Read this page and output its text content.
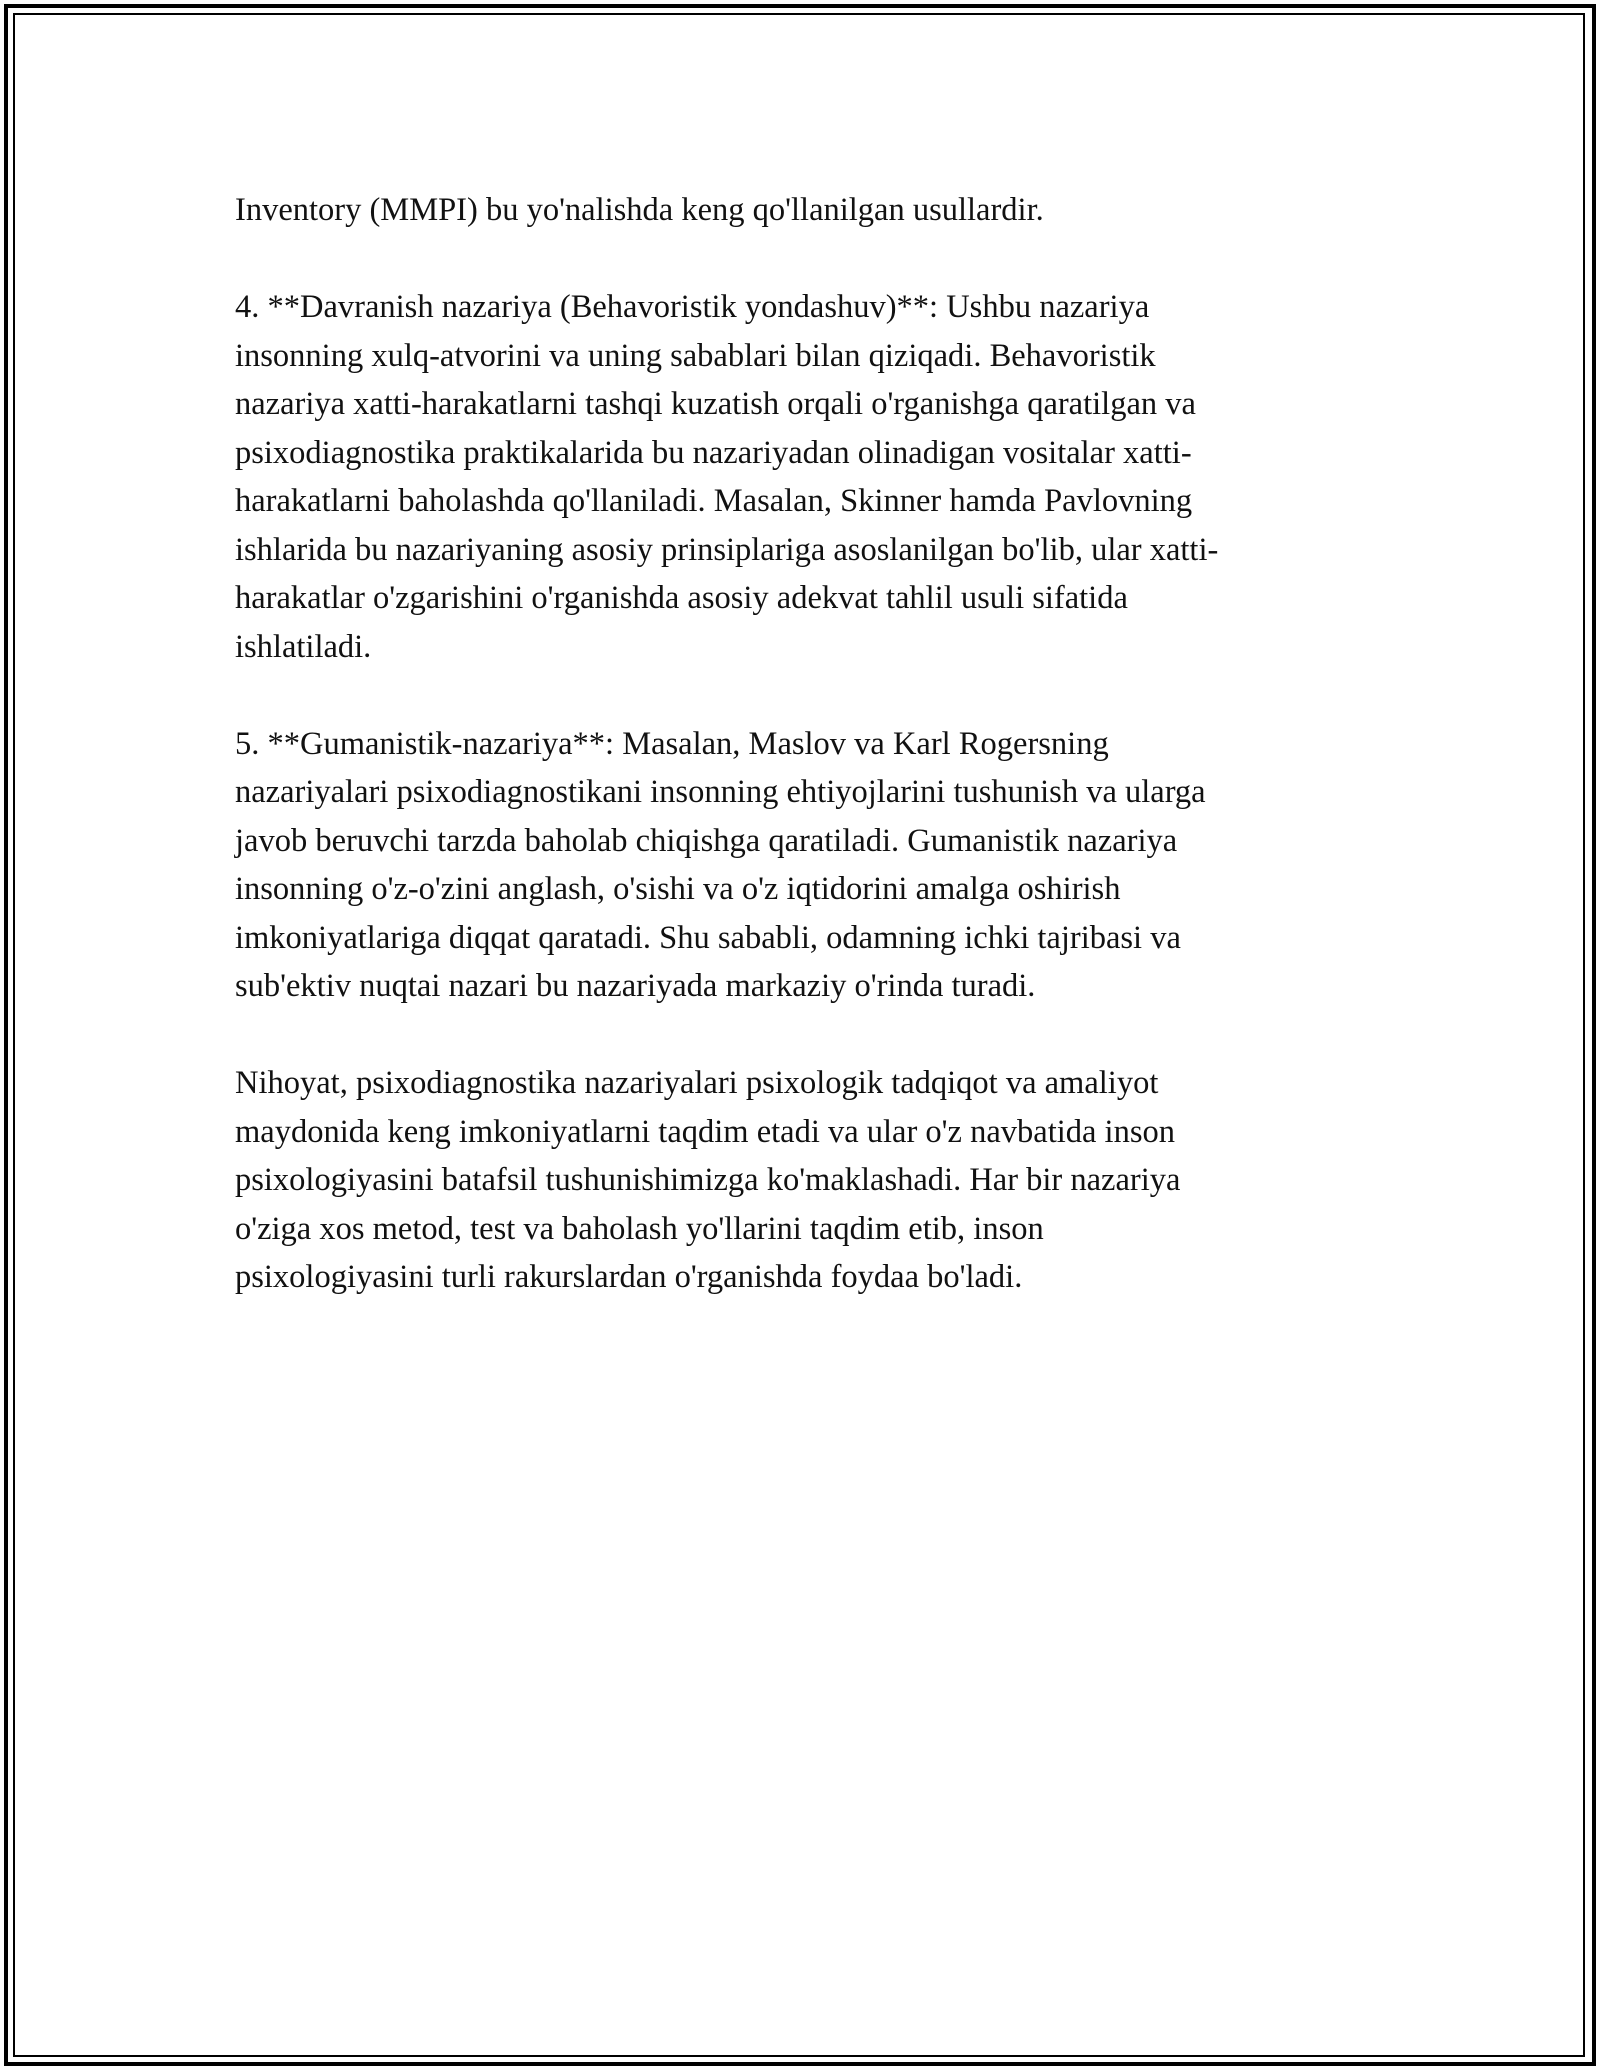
Inventory (MMPI) bu yo'nalishda keng qo'llanilgan usullardir.

4. **Davranish nazariya (Behavoristik yondashuv)**: Ushbu nazariya
insonning xulq-atvorini va uning sabablari bilan qiziqadi. Behavoristik
nazariya xatti-harakatlarni tashqi kuzatish orqali o'rganishga qaratilgan va
psixodiagnostika praktikalarida bu nazariyadan olinadigan vositalar xatti-
harakatlarni baholashda qo'llaniladi. Masalan, Skinner hamda Pavlovning
ishlarida bu nazariyaning asosiy prinsiplariga asoslanilgan bo'lib, ular xatti-
harakatlar o'zgarishini o'rganishda asosiy adekvat tahlil usuli sifatida
ishlatiladi.

5. **Gumanistik-nazariya**: Masalan, Maslov va Karl Rogersning
nazariyalari psixodiagnostikani insonning ehtiyojlarini tushunish va ularga
javob beruvchi tarzda baholab chiqishga qaratiladi. Gumanistik nazariya
insonning o'z-o'zini anglash, o'sishi va o'z iqtidorini amalga oshirish
imkoniyatlariga diqqat qaratadi. Shu sababli, odamning ichki tajribasi va
sub'ektiv nuqtai nazari bu nazariyada markaziy o'rinda turadi.

Nihoyat, psixodiagnostika nazariyalari psixologik tadqiqot va amaliyot
maydonida keng imkoniyatlarni taqdim etadi va ular o'z navbatida inson
psixologiyasini batafsil tushunishimizga ko'maklashadi. Har bir nazariya
o'ziga xos metod, test va baholash yo'llarini taqdim etib, inson
psixologiyasini turli rakurslardan o'rganishda foydaa bo'ladi.
